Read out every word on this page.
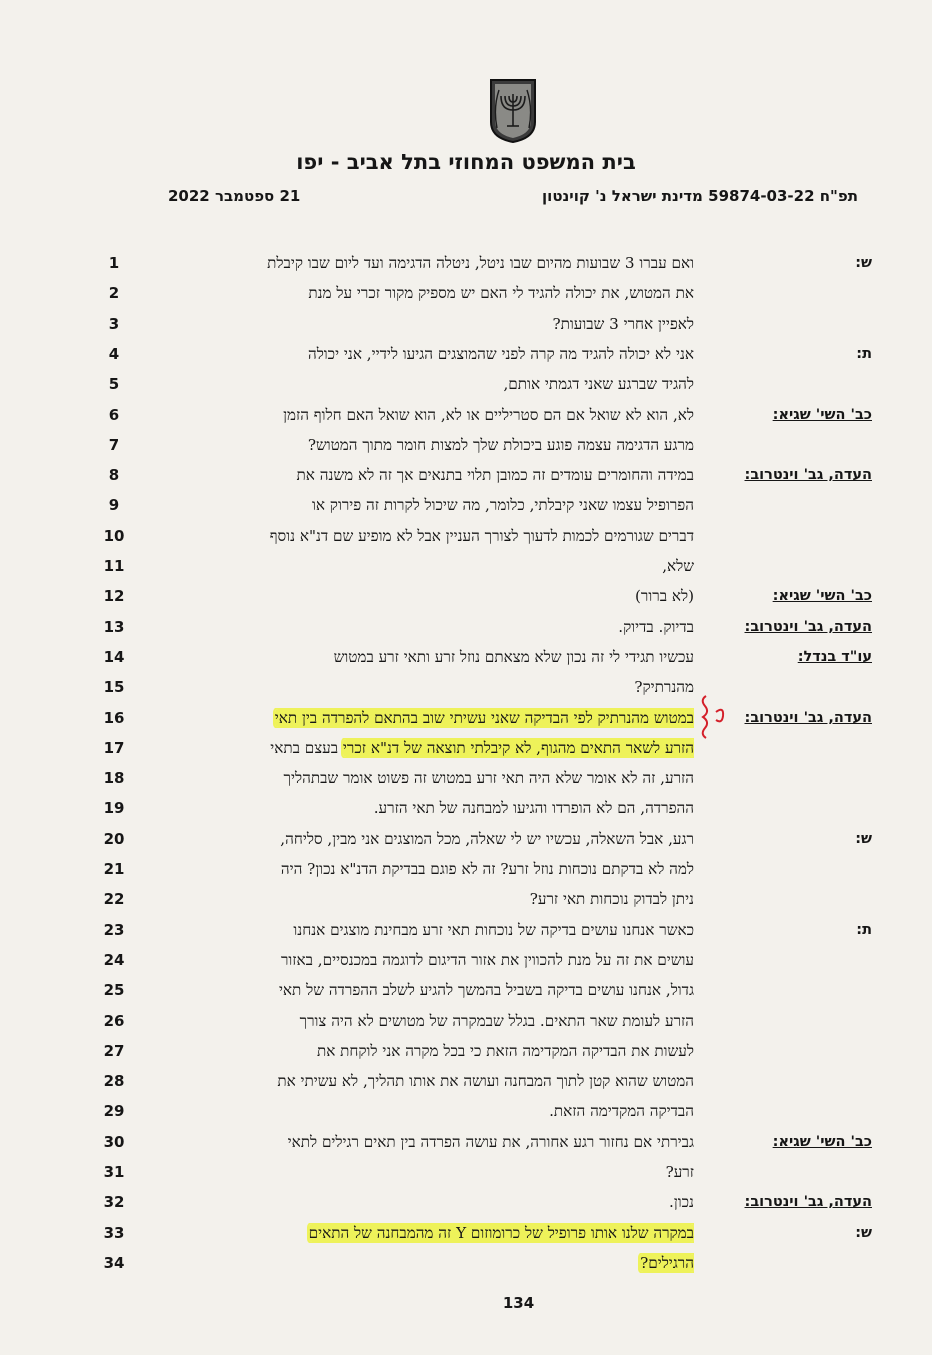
בית המשפט המחוזי בתל אביב - יפו
תפ"ח 59874-03-22 מדינת ישראל נ' קוינטון
21 ספטמבר 2022
1
2
3
4
5
6
7
8
9
10
11
12
13
14
15
16
17
18
19
20
21
22
23
24
25
26
27
28
29
30
31
32
33
34
ואם עברו 3 שבועות מהיום שבו ניטל, ניטלה הדגימה ועד ליום שבו קיבלת
את המטוש, את יכולה להגיד לי האם יש מספיק מקור זכרי על מנת
לאפיין אחרי 3 שבועות?
אני לא יכולה להגיד מה קרה לפני שהמוצגים הגיעו לידיי, אני יכולה
להגיד שברגע שאני דגמתי אותם,
לא, הוא לא שואל אם הם סטריליים או לא, הוא שואל האם חלוף הזמן
מרגע הדגימה עצמה פוגע ביכולת שלך למצות חומר מתוך המטוש?
במידה והחומרים עומדים זה כמובן תלוי בתנאים אך זה לא משנה את
הפרופיל עצמו שאני קיבלתי, כלומר, מה שיכול לקרות זה פירוק או
דברים שגורמים לכמות לדעוך לצורך העניין אבל לא מופיע שם דנ"א נוסף
שלא,
(לא ברור)
בדיוק. בדיוק.
עכשיו תגידי לי זה נכון שלא מצאתם נוזל זרע ותאי זרע במטוש
מהנרתיק?
במטוש מהנרתיק לפי הבדיקה שאני עשיתי שוב בהתאם להפרדה בין תאי
הזרע לשאר התאים מהגוף, לא קיבלתי תוצאה של דנ"א זכרי בעצם בתאי
הזרע, זה לא אומר שלא היה תאי זרע במטוש זה פשוט אומר שבתהליך
ההפרדה, הם לא הופרדו והגיעו למבחנה של תאי הזרע.
רגע, אבל השאלה, עכשיו יש לי שאלה, מכל המוצגים אני מבין, סליחה,
למה לא בדקתם נוכחות נוזל זרע? זה לא פוגם בבדיקת הדנ"א נכון? היה
ניתן לבדוק נוכחות תאי זרע?
כאשר אנחנו עושים בדיקה של נוכחות תאי זרע מבחינת מוצגים אנחנו
עושים את זה על מנת להכווין את אזור הדיגום לדוגמה במכנסיים, באזור
גדול, אנחנו עושים בדיקה בשביל בהמשך להגיע לשלב ההפרדה של תאי
הזרע לעומת שאר התאים. בגלל שבמקרה של מטושים לא היה צורך
לעשות את הבדיקה המקדימה הזאת כי בכל מקרה אני לוקחת את
המטוש שהוא קטן לתוך המבחנה ועושה את אותו תהליך, לא עשיתי את
הבדיקה המקדימה הזאת.
גבירתי אם נחזור רגע אחורה, את עושה הפרדה בין תאים רגילים לתאי
זרע?
נכון.
במקרה שלנו אותו פרופיל של כרומוזום Y זה מהמבחנה של התאים
הרגילים?
ש:
ת:
כב' השי' שגיא:
העדה, גב' וינטרוב:
כב' השי' שגיא:
העדה, גב' וינטרוב:
עו"ד בנדל:
העדה, גב' וינטרוב:
ש:
ת:
כב' השי' שגיא:
העדה, גב' וינטרוב:
ש:
134
